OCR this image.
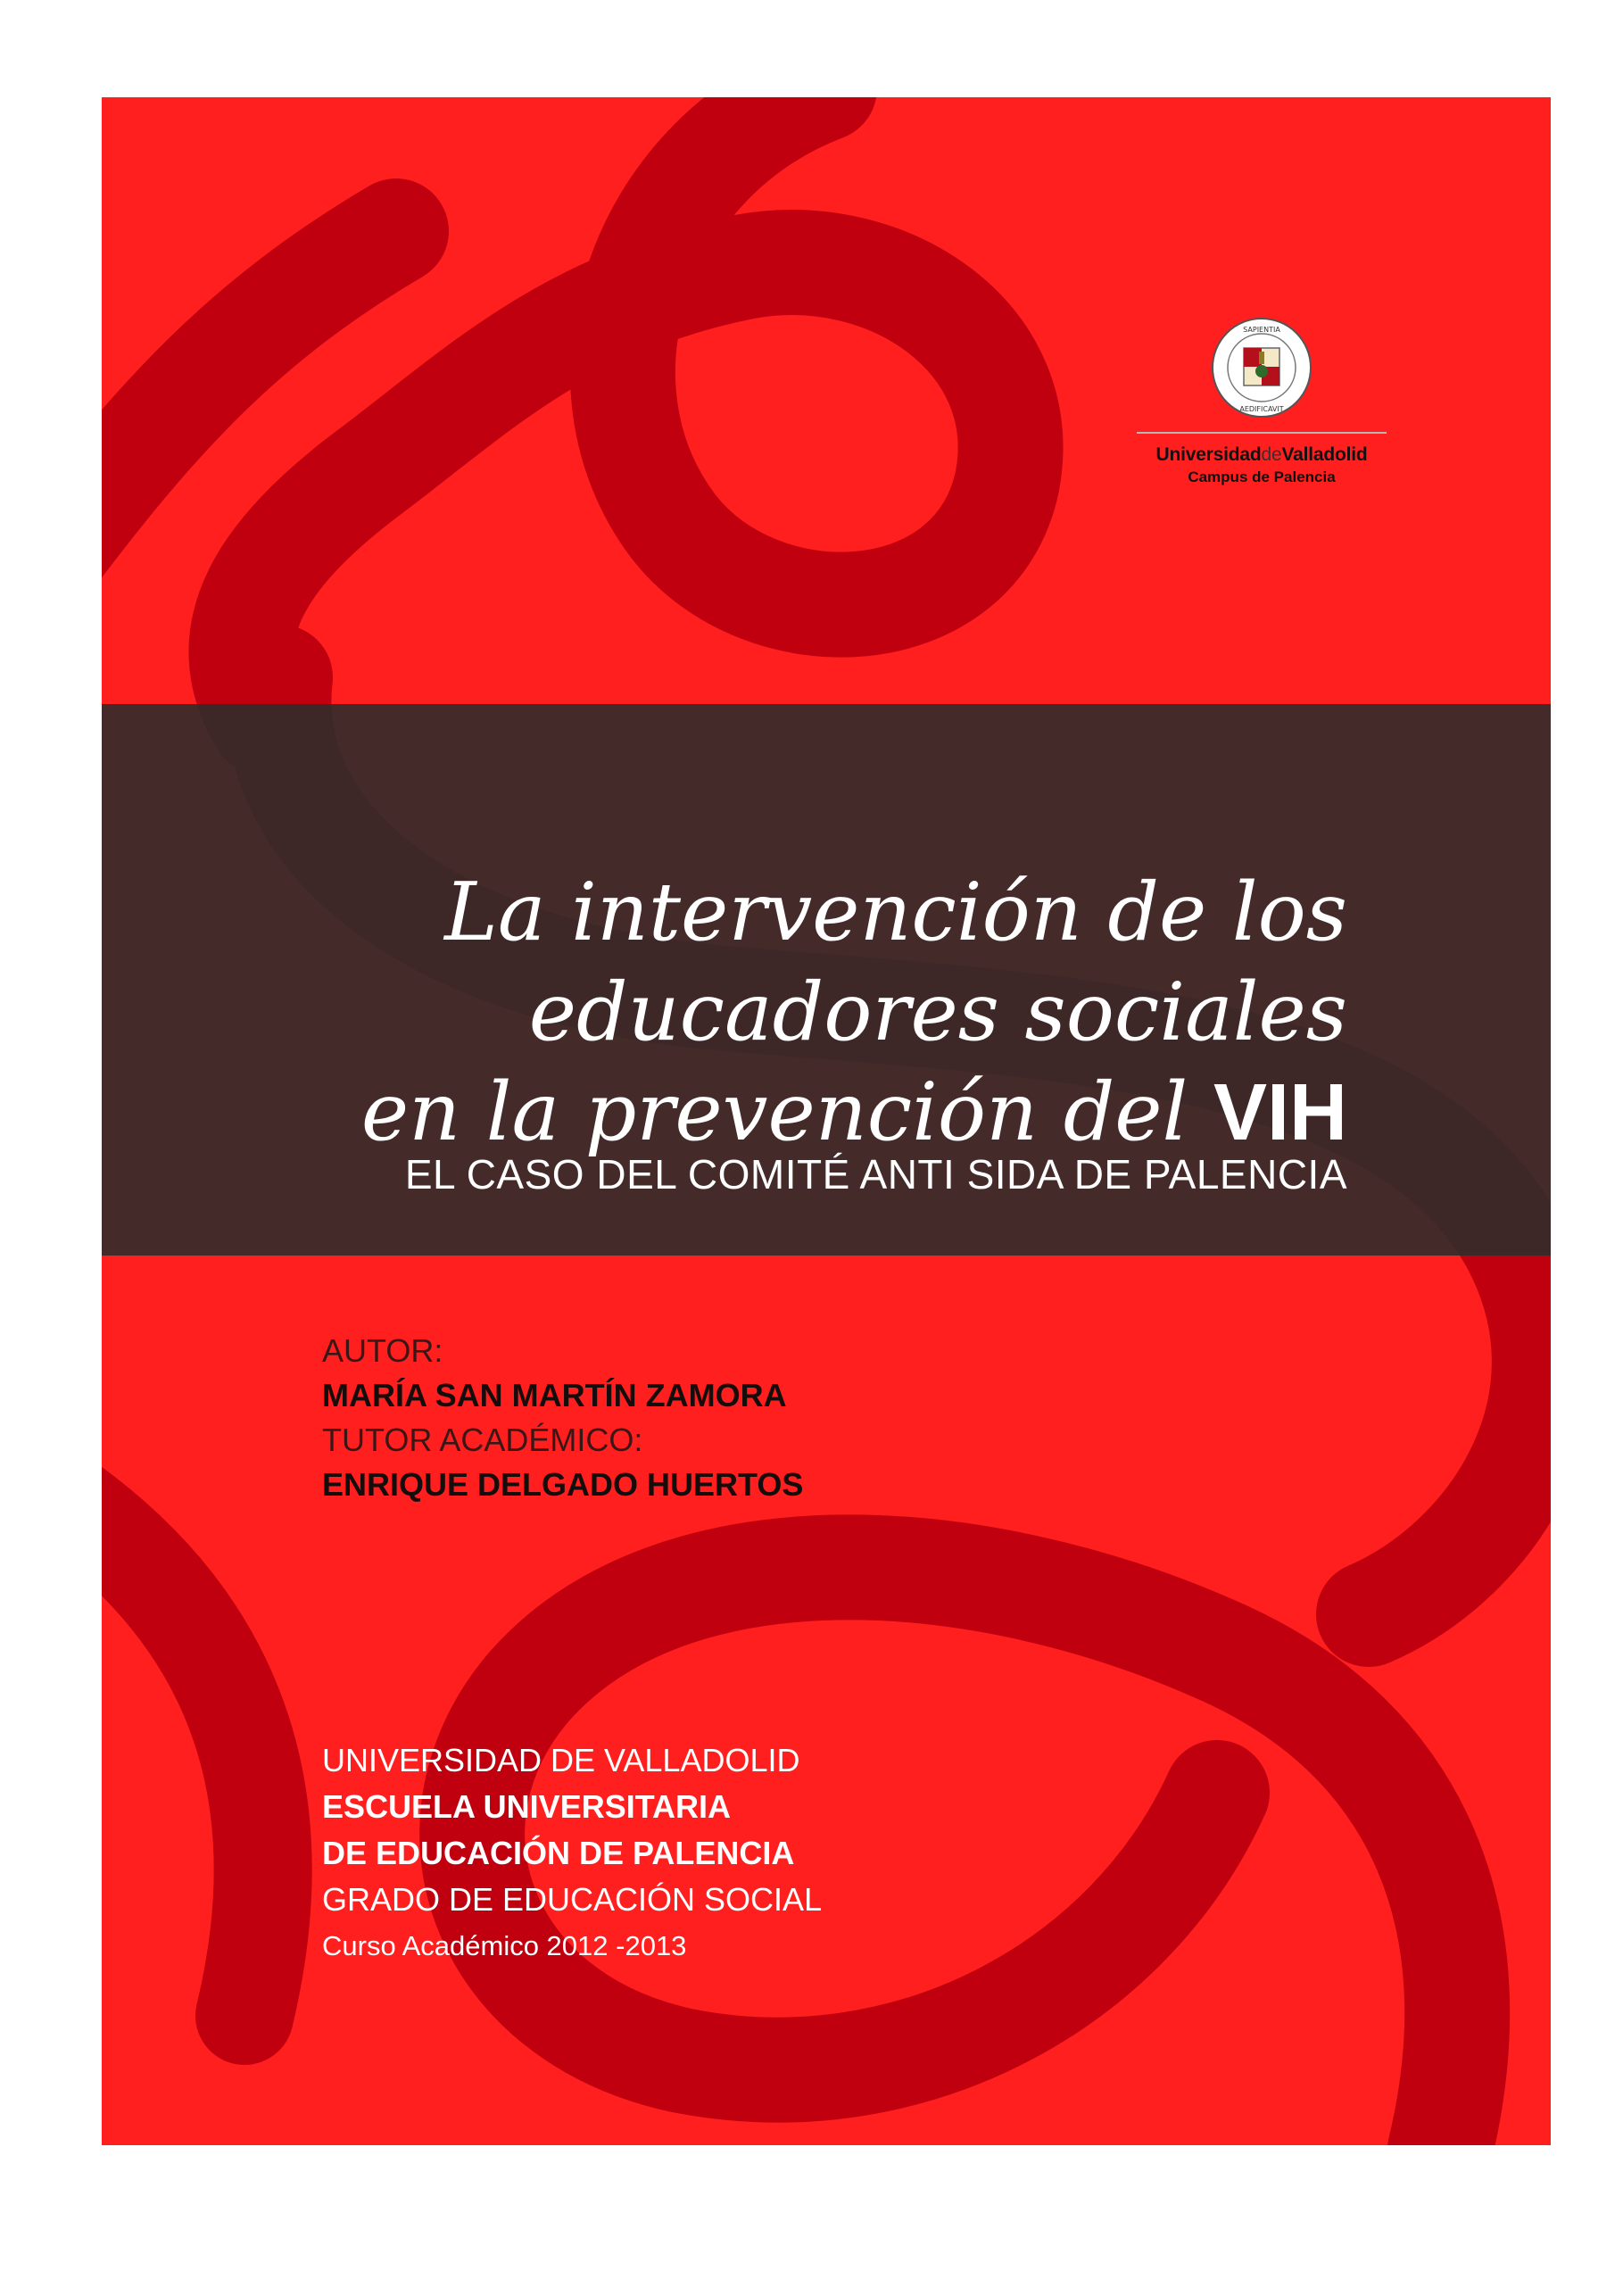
SAPIENTIA
AEDIFICAVIT
UniversidaddeValladolid
Campus de Palencia
La intervención de los
educadores sociales
en la prevención del VIH
EL CASO DEL COMITÉ ANTI SIDA DE PALENCIA
AUTOR:
MARÍA SAN MARTÍN ZAMORA
TUTOR ACADÉMICO:
ENRIQUE DELGADO HUERTOS
UNIVERSIDAD DE VALLADOLID
ESCUELA UNIVERSITARIA
DE EDUCACIÓN DE PALENCIA
GRADO DE EDUCACIÓN SOCIAL
Curso Académico 2012 -2013
